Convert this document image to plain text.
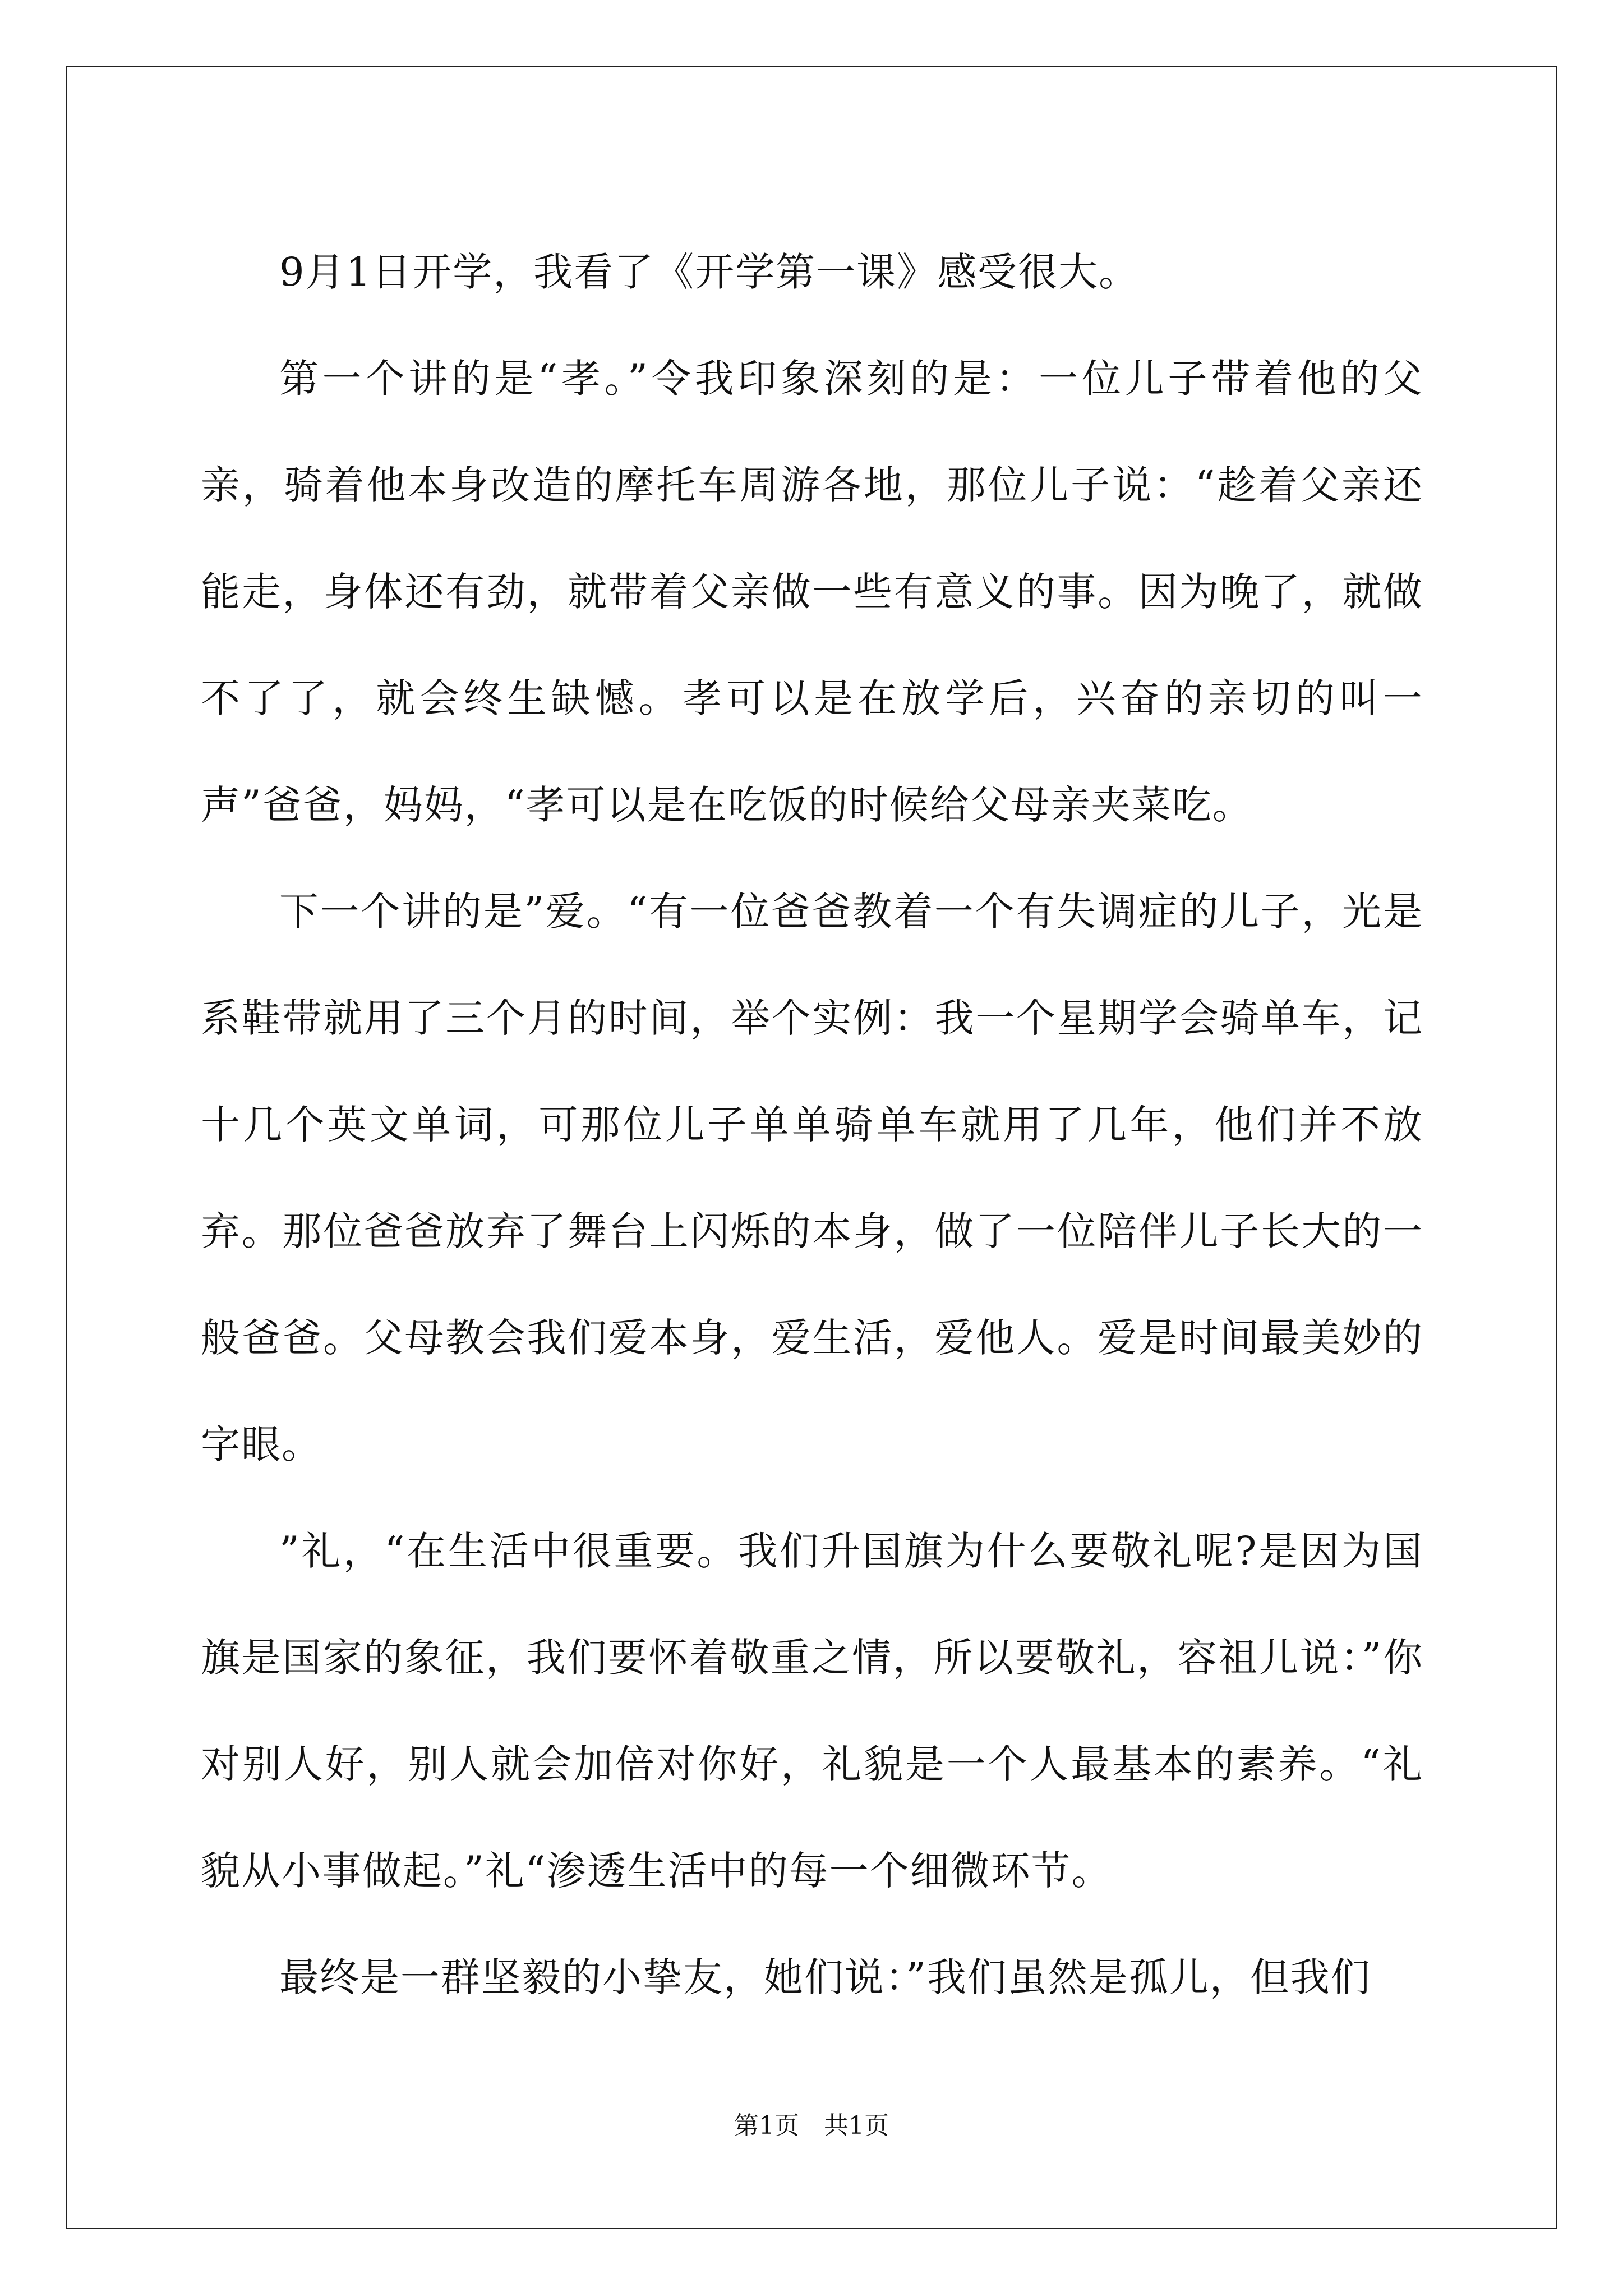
9月1日开学，我看了《开学第一课》感受很大。

第一个讲的是“孝。”令我印象深刻的是：一位儿子带着他的父亲，骑着他本身改造的摩托车周游各地，那位儿子说：“趁着父亲还能走，身体还有劲，就带着父亲做一些有意义的事。因为晚了，就做不了了，就会终生缺憾。孝可以是在放学后，兴奋的亲切的叫一声”爸爸，妈妈，“孝可以是在吃饭的时候给父母亲夹菜吃。

下一个讲的是”爱。“有一位爸爸教着一个有失调症的儿子，光是系鞋带就用了三个月的时间，举个实例：我一个星期学会骑单车，记十几个英文单词，可那位儿子单单骑单车就用了几年，他们并不放弃。那位爸爸放弃了舞台上闪烁的本身，做了一位陪伴儿子长大的一般爸爸。父母教会我们爱本身，爱生活，爱他人。爱是时间最美妙的字眼。

”礼，“在生活中很重要。我们升国旗为什么要敬礼呢?是因为国旗是国家的象征，我们要怀着敬重之情，所以要敬礼，容祖儿说：”你对别人好，别人就会加倍对你好，礼貌是一个人最基本的素养。“礼貌从小事做起。”礼“渗透生活中的每一个细微环节。

最终是一群坚毅的小挚友，她们说：”我们虽然是孤儿，但我们

第1页 共1页
